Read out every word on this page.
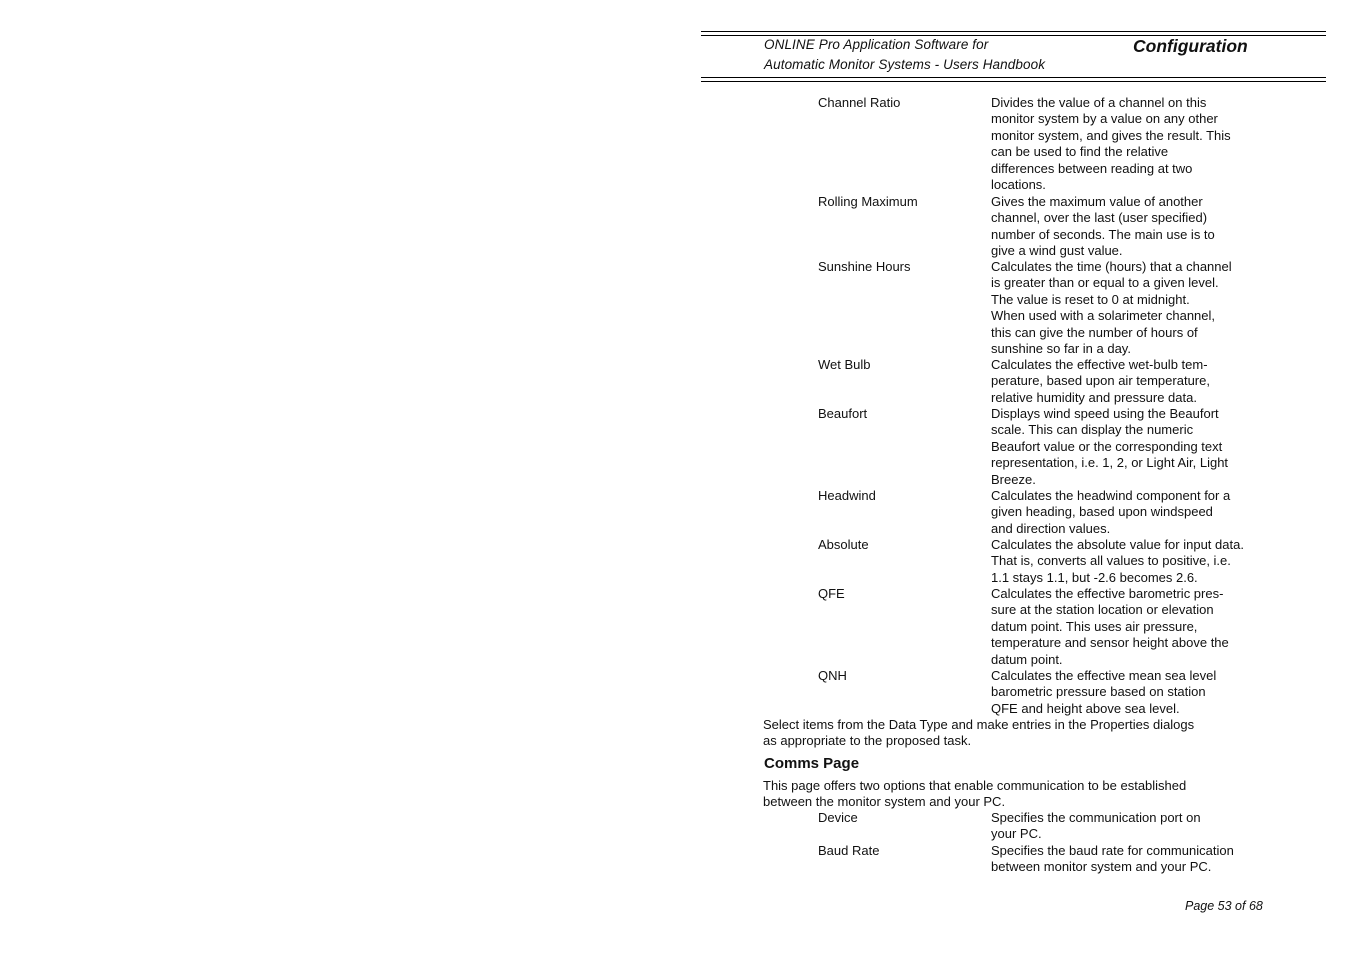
ONLINE Pro Application Software for
Automatic Monitor Systems - Users Handbook
Configuration
Channel Ratio	Divides the value of a channel on this
monitor system by a value on any other
monitor system, and gives the result. This
can be used to find the relative
differences between reading at two
locations.
Rolling Maximum	Gives the maximum value of another
channel, over the last (user specified)
number of seconds. The main use is to
give a wind gust value.
Sunshine Hours	Calculates the time (hours) that a channel
is greater than or equal to a given level.
The value is reset to 0 at midnight.
When used with a solarimeter channel,
this can give the number of hours of
sunshine so far in a day.
Wet Bulb	Calculates the effective wet-bulb tem-
perature, based upon air temperature,
relative humidity and pressure data.
Beaufort	Displays wind speed using the Beaufort
scale. This can display the numeric
Beaufort value or the corresponding text
representation, i.e. 1, 2, or Light Air, Light
Breeze.
Headwind	Calculates the headwind component for a
given heading, based upon windspeed
and direction values.
Absolute	Calculates the absolute value for input data.
That is, converts all values to positive, i.e.
1.1 stays 1.1, but -2.6 becomes 2.6.
QFE	Calculates the effective barometric pres-
sure at the station location or elevation
datum point. This uses air pressure,
temperature and sensor height above the
datum point.
QNH	Calculates the effective mean sea level
barometric pressure based on station
QFE and height above sea level.
Select items from the Data Type and make entries in the Properties dialogs
as appropriate to the proposed task.
Comms Page
This page offers two options that enable communication to be established
between the monitor system and your PC.
Device	Specifies the communication port on
your PC.
Baud Rate	Specifies the baud rate for communication
between monitor system and your PC.
Page 53 of 68
